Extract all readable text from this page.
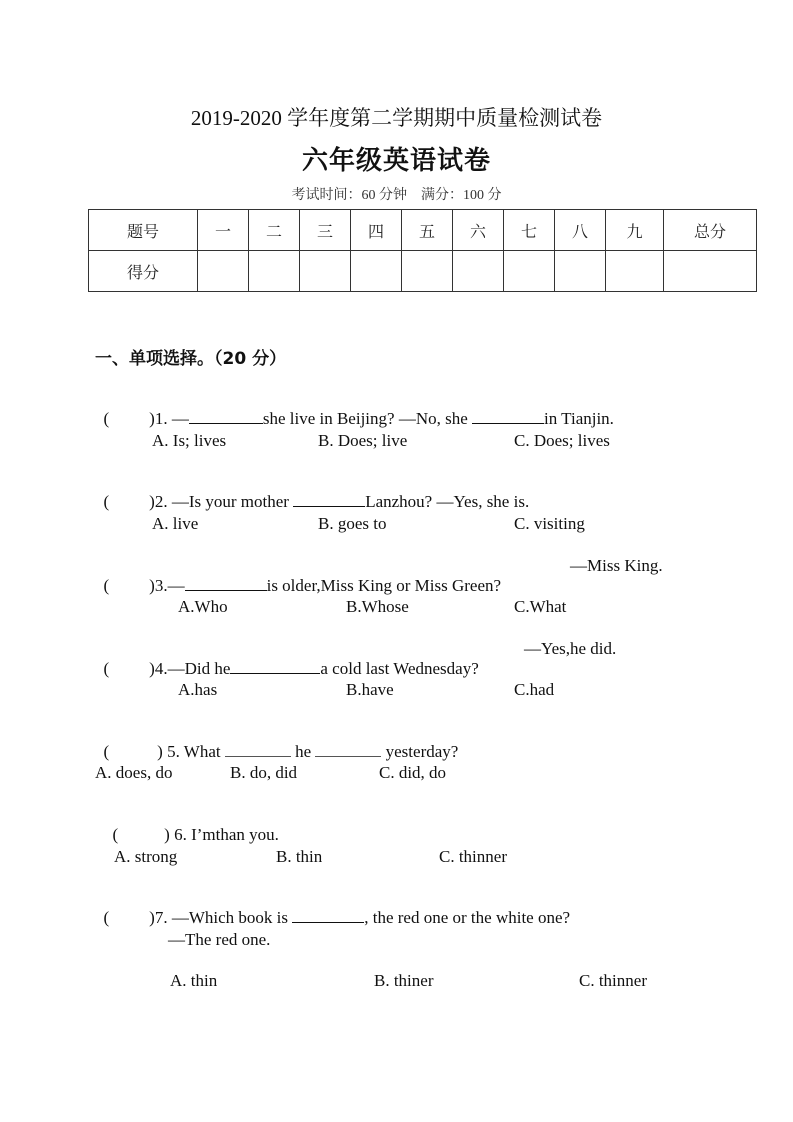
2019-2020 学年度第二学期期中质量检测试卷
六年级英语试卷
考试时间：60 分钟    满分：100 分
题号	一	二	三	四	五	六	七	八	九	总分
得分										
一、单项选择。（20 分）

( )1. —	she live in Beijing? —No, she	in Tianjin.

A. Is; lives	B. Does; live	C. Does; lives

( )2. —Is your mother	Lanzhou? —Yes, she is.

A. live	B. goes to	C. visiting

( )3.—	is older,Miss King or Miss Green?

—Miss King.
A.Who	B.Whose	C.What

( )4.—Did he	a cold last Wednesday?

—Yes,he did.
A.has	B.have	C.had

(	) 5. What	he	yesterday?

A. does, do	B. do, did	C. did, do

(	) 6. I’mthan you.

A. strong	B. thin	C. thinner

( )7. —Which book is	, the red one or the white one?

—The red one.
A. thin	B. thiner	C. thinner
